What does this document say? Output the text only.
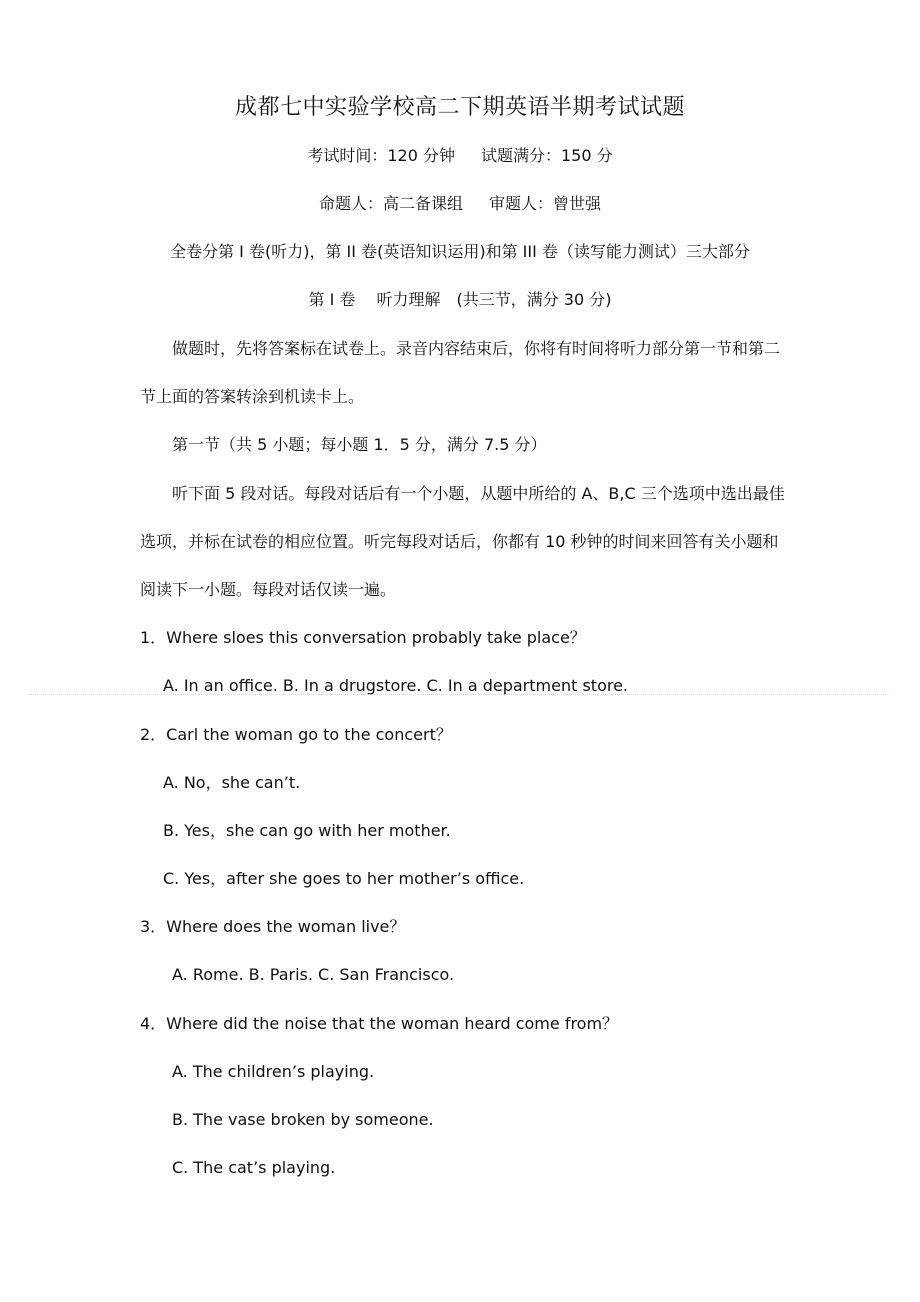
成都七中实验学校高二下期英语半期考试试题
考试时间：120 分钟 试题满分：150 分
命题人：高二备课组 审题人：曾世强
全卷分第 I 卷(听力)，第 II 卷(英语知识运用)和第 III 卷（读写能力测试）三大部分
第 I 卷　 听力理解　(共三节，满分 30 分)
做题时，先将答案标在试卷上。录音内容结束后，你将有时间将听力部分第一节和第二
节上面的答案转涂到机读卡上。
第一节（共 5 小题；每小题 1．5 分，满分 7.5 分）
听下面 5 段对话。每段对话后有一个小题，从题中所给的 A、B,C 三个选项中选出最佳
选项，并标在试卷的相应位置。听完每段对话后，你都有 10 秒钟的时间来回答有关小题和
阅读下一小题。每段对话仅读一遍。
1．Where sloes this conversation probably take place？
A. In an office. B. In a drugstore. C. In a department store.
2．Carl the woman go to the concert？
A. No，she can’t.
B. Yes，she can go with her mother.
C. Yes，after she goes to her mother’s office.
3．Where does the woman live？
A. Rome. B. Paris. C. San Francisco.
4．Where did the noise that the woman heard come from？
A. The children’s playing.
B. The vase broken by someone.
C. The cat’s playing.
